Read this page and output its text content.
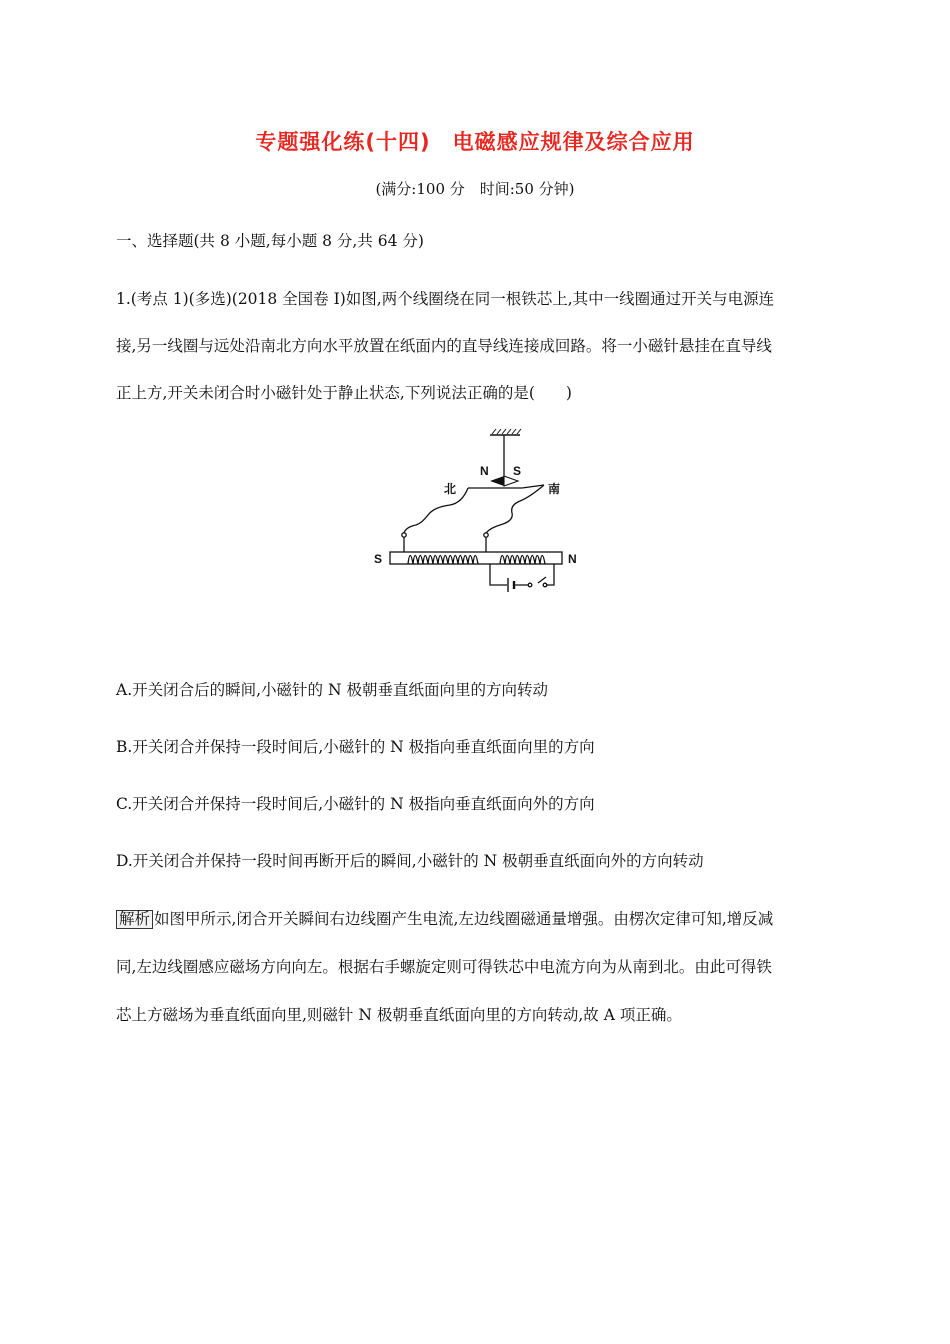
专题强化练(十四)　电磁感应规律及综合应用
(满分:100 分　时间:50 分钟)
一、选择题(共 8 小题,每小题 8 分,共 64 分)
1.(考点 1)(多选)(2018 全国卷 Ⅰ)如图,两个线圈绕在同一根铁芯上,其中一线圈通过开关与电源连
接,另一线圈与远处沿南北方向水平放置在纸面内的直导线连接成回路。将一小磁针悬挂在直导线
正上方,开关未闭合时小磁针处于静止状态,下列说法正确的是(　　)
N S
北	南
S	N
A.开关闭合后的瞬间,小磁针的 N 极朝垂直纸面向里的方向转动
B.开关闭合并保持一段时间后,小磁针的 N 极指向垂直纸面向里的方向
C.开关闭合并保持一段时间后,小磁针的 N 极指向垂直纸面向外的方向
D.开关闭合并保持一段时间再断开后的瞬间,小磁针的 N 极朝垂直纸面向外的方向转动
解析 如图甲所示,闭合开关瞬间右边线圈产生电流,左边线圈磁通量增强。由楞次定律可知,增反减
同,左边线圈感应磁场方向向左。根据右手螺旋定则可得铁芯中电流方向为从南到北。由此可得铁
芯上方磁场为垂直纸面向里,则磁针 N 极朝垂直纸面向里的方向转动,故 A 项正确。
